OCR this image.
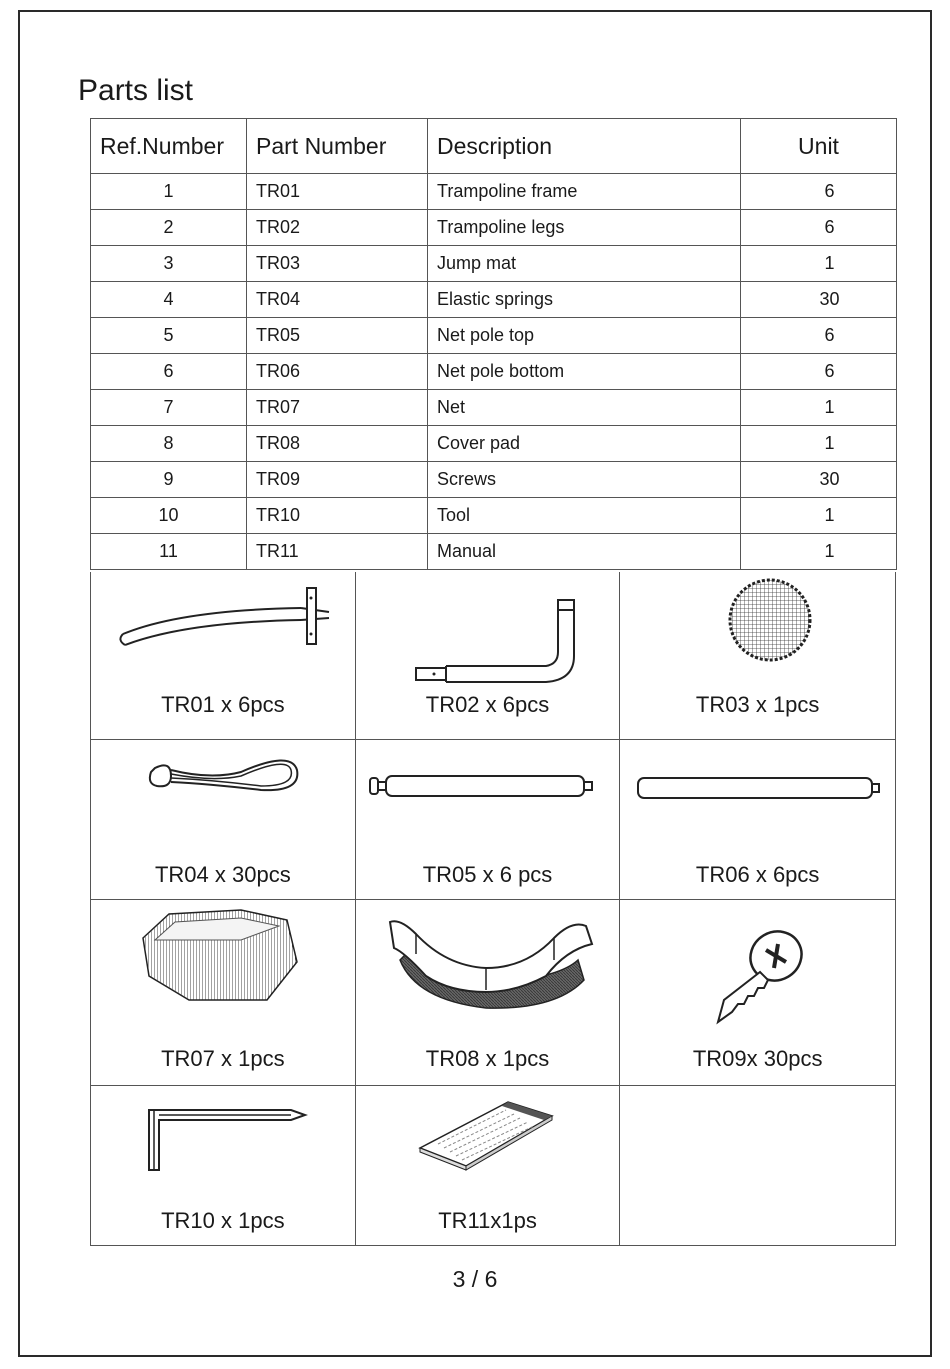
Parts list
Ref.Number	Part Number	Description	Unit
1	TR01	Trampoline frame	6
2	TR02	Trampoline legs	6
3	TR03	Jump mat	1
4	TR04	Elastic springs	30
5	TR05	Net pole top	6
6	TR06	Net pole bottom	6
7	TR07	Net	1
8	TR08	Cover pad	1
9	TR09	Screws	30
10	TR10	Tool	1
11	TR11	Manual	1
TR01 x 6pcs	TR02 x 6pcs	TR03 x 1pcs
TR04 x 30pcs	TR05 x 6 pcs	TR06 x 6pcs
TR07 x 1pcs	TR08 x 1pcs	TR09x 30pcs
TR10 x 1pcs	TR11x1ps
3 / 6
